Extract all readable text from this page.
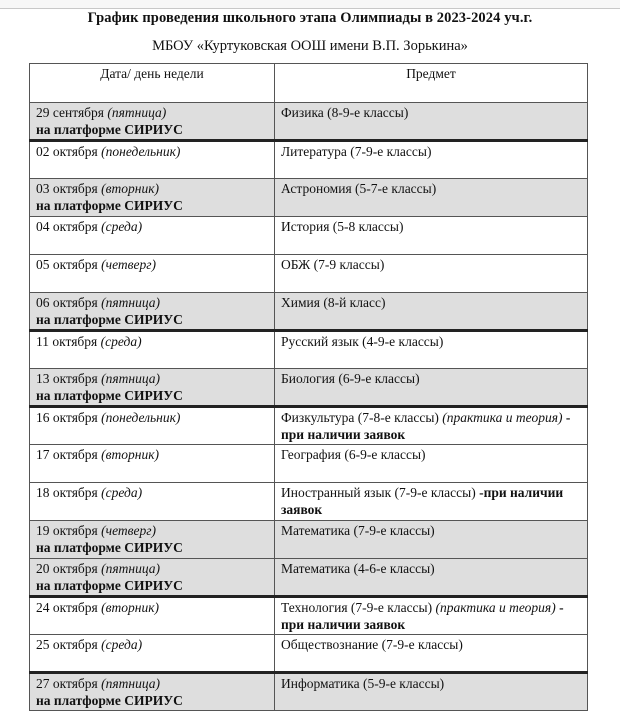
График проведения школьного этапа Олимпиады в 2023-2024 уч.г.
МБОУ «Куртуковская ООШ имени В.П. Зорькина»
Дата/ день недели	Предмет
29 сентября (пятница)
на платформе СИРИУС	Физика (8-9-е классы)
02 октября (понедельник)	Литература (7-9-е классы)
03 октября (вторник)
на платформе СИРИУС	Астрономия (5-7-е классы)
04 октября (среда)	История (5-8 классы)
05 октября (четверг)	ОБЖ (7-9 классы)
06 октября (пятница)
на платформе СИРИУС	Химия (8-й класс)
11 октября (среда)	Русский язык (4-9-е классы)
13 октября (пятница)
на платформе СИРИУС	Биология (6-9-е классы)
16 октября (понедельник)	Физкультура (7-8-е классы) (практика и теория) - при наличии заявок
17 октября (вторник)	География (6-9-е классы)
18 октября (среда)	Иностранный язык (7-9-е классы) -при наличии заявок
19 октября (четверг)
на платформе СИРИУС	Математика (7-9-е классы)
20 октября (пятница)
на платформе СИРИУС	Математика (4-6-е классы)
24 октября (вторник)	Технология (7-9-е классы) (практика и теория) - при наличии заявок
25 октября (среда)	Обществознание (7-9-е классы)
27 октября (пятница)
на платформе СИРИУС	Информатика (5-9-е классы)
